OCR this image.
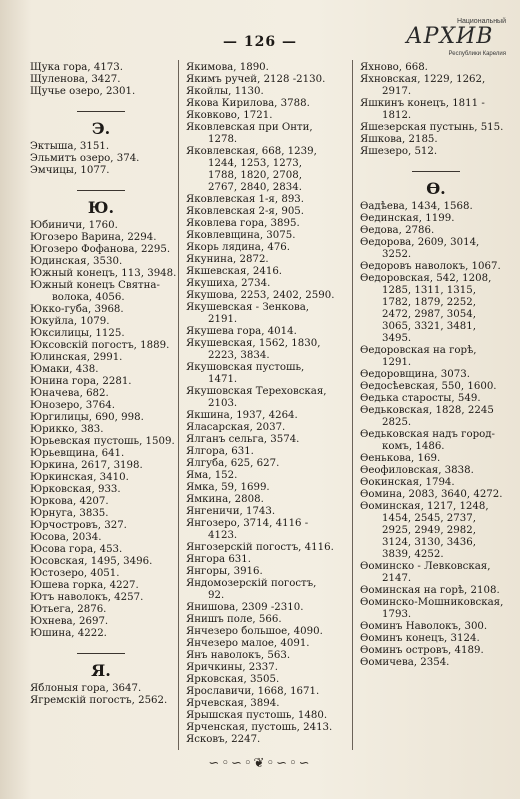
— 126 —
Национальный
АРХИВ
Республики Карелия
Щука гора, 4173.
Щуленова, 3427.
Щучье озеро, 2301.
Э.
Эктыша, 3151.
Эльмитъ озеро, 374.
Эмчицы, 1077.
Ю.
Юбиничи, 1760.
Югозеро Варина, 2294.
Югозеро Фофанова, 2295.
Юдинская, 3530.
Южный конецъ, 113, 3948.
Южный конецъ Святна-
волока, 4056.
Юкко-губа, 3968.
Юкуйла, 1079.
Юксилицы, 1125.
Юксовскій погостъ, 1889.
Юлинская, 2991.
Юмаки, 438.
Юнина гора, 2281.
Юначева, 682.
Юнозеро, 3764.
Юргилицы, 690, 998.
Юрикко, 383.
Юрьевская пустошь, 1509.
Юрьевщина, 641.
Юркина, 2617, 3198.
Юркинская, 3410.
Юрковская, 933.
Юркова, 4207.
Юрнуга, 3835.
Юрчостровъ, 327.
Юсова, 2034.
Юсова гора, 453.
Юсовская, 1495, 3496.
Юстозеро, 4051.
Юшева горка, 4227.
Ютъ наволокъ, 4257.
Ютьега, 2876.
Юхнева, 2697.
Юшина, 4222.
Я.
Яблоныя гора, 3647.
Ягремскій погостъ, 2562.
Якимова, 1890.
Якимъ ручей, 2128 -2130.
Якойлы, 1130.
Якова Кирилова, 3788.
Яковково, 1721.
Яковлевская при Онти,
1278.
Яковлевская, 668, 1239,
1244, 1253, 1273,
1788, 1820, 2708,
2767, 2840, 2834.
Яковлевская 1-я, 893.
Яковлевская 2-я, 905.
Яковлева гора, 3895.
Яковлевщина, 3075.
Якорь лядина, 476.
Якунина, 2872.
Якшевская, 2416.
Якушиха, 2734.
Якушова, 2253, 2402, 2590.
Якушевская - Зенкова,
2191.
Якушева гора, 4014.
Якушевская, 1562, 1830,
2223, 3834.
Якушовская пустошь,
1471.
Якушовская Тереховская,
2103.
Якшина, 1937, 4264.
Яласарская, 2037.
Ялганъ сельга, 3574.
Ялгора, 631.
Ялгуба, 625, 627.
Яма, 152.
Ямка, 59, 1699.
Ямкина, 2808.
Янгеничи, 1743.
Янгозеро, 3714, 4116 -
4123.
Янгозерскій погостъ, 4116.
Янгора 631.
Янгоры, 3916.
Яндомозерскій погостъ,
92.
Янишова, 2309 -2310.
Янишъ поле, 566.
Янчезеро большое, 4090.
Янчезеро малое, 4091.
Янъ наволокъ, 563.
Яричкины, 2337.
Ярковская, 3505.
Ярославичи, 1668, 1671.
Ярчевская, 3894.
Ярышская пустошь, 1480.
Ярченская, пустошь, 2413.
Ясковъ, 2247.
Яхново, 668.
Яхновская, 1229, 1262,
2917.
Яшкинъ конецъ, 1811 -
1812.
Яшезерская пустынь, 515.
Яшкова, 2185.
Яшезеро, 512.
Ѳ.
Ѳадѣева, 1434, 1568.
Ѳединская, 1199.
Ѳедова, 2786.
Ѳедорова, 2609, 3014,
3252.
Ѳедоровъ наволокъ, 1067.
Ѳедоровская, 542, 1208,
1285, 1311, 1315,
1782, 1879, 2252,
2472, 2987, 3054,
3065, 3321, 3481,
3495.
Ѳедоровская на горѣ,
1291.
Ѳедоровщина, 3073.
Ѳедосѣевская, 550, 1600.
Ѳедька старосты, 549.
Ѳедьковская, 1828, 2245
2825.
Ѳедьковская надъ город-
комъ, 1486.
Ѳенькова, 169.
Ѳеофиловская, 3838.
Ѳокинская, 1794.
Ѳомина, 2083, 3640, 4272.
Ѳоминская, 1217, 1248,
1454, 2545, 2737,
2925, 2949, 2982,
3124, 3130, 3436,
3839, 4252.
Ѳоминско - Левковская,
2147.
Ѳоминская на горѣ, 2108.
Ѳоминско-Мошниковская,
1793.
Ѳоминъ Наволокъ, 300.
Ѳоминъ конецъ, 3124.
Ѳоминъ островъ, 4189.
Ѳомичева, 2354.
∽◦∽◦❦◦∽◦∽
